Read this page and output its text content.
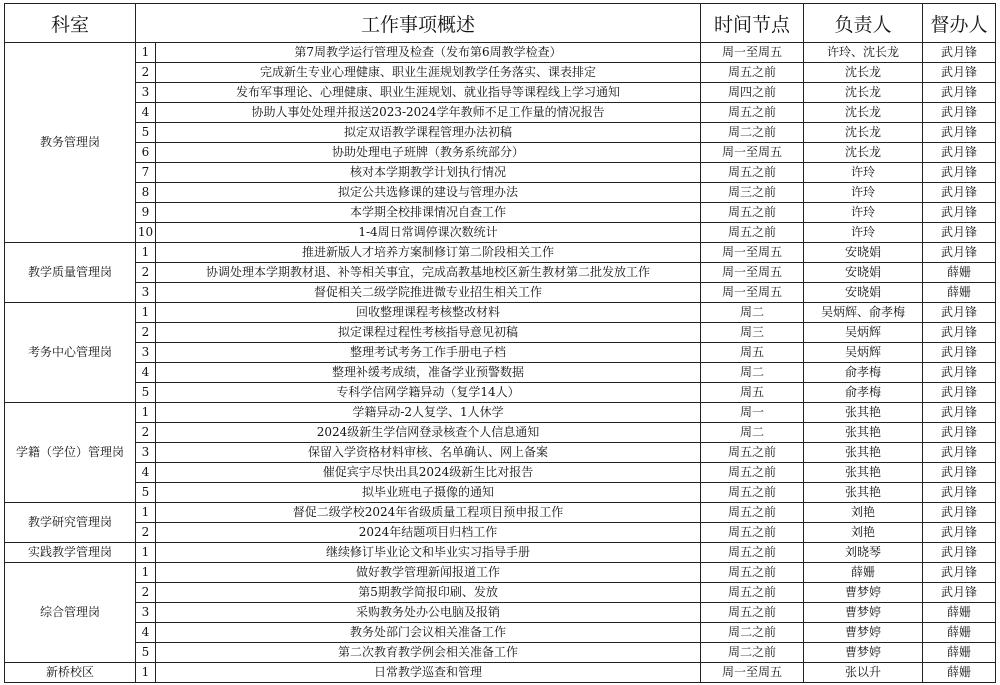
科室	工作事项概述		时间节点	负责人	督办人
教务管理岗	1	第7周教学运行管理及检查（发布第6周教学检查）	周一至周五	许玲、沈长龙	武月锋
	2	完成新生专业心理健康、职业生涯规划教学任务落实、课表排定	周五之前	沈长龙	武月锋
	3	发布军事理论、心理健康、职业生涯规划、就业指导等课程线上学习通知	周四之前	沈长龙	武月锋
	4	协助人事处处理并报送2023-2024学年教师不足工作量的情况报告	周五之前	沈长龙	武月锋
	5	拟定双语教学课程管理办法初稿	周二之前	沈长龙	武月锋
	6	协助处理电子班牌（教务系统部分）	周一至周五	沈长龙	武月锋
	7	核对本学期教学计划执行情况	周五之前	许玲	武月锋
	8	拟定公共选修课的建设与管理办法	周三之前	许玲	武月锋
	9	本学期全校排课情况自查工作	周五之前	许玲	武月锋
	10	1-4周日常调停课次数统计	周五之前	许玲	武月锋
教学质量管理岗	1	推进新版人才培养方案制修订第二阶段相关工作	周一至周五	安晓娟	武月锋
	2	协调处理本学期教材退、补等相关事宜，完成高教基地校区新生教材第二批发放工作	周一至周五	安晓娟	薛姗
	3	督促相关二级学院推进微专业招生相关工作	周一至周五	安晓娟	薛姗
考务中心管理岗	1	回收整理课程考核整改材料	周二	吴炳辉、俞孝梅	武月锋
	2	拟定课程过程性考核指导意见初稿	周三	吴炳辉	武月锋
	3	整理考试考务工作手册电子档	周五	吴炳辉	武月锋
	4	整理补缓考成绩，准备学业预警数据	周二	俞孝梅	武月锋
	5	专科学信网学籍异动（复学14人）	周五	俞孝梅	武月锋
学籍（学位）管理岗	1	学籍异动-2人复学、1人休学	周一	张其艳	武月锋
	2	2024级新生学信网登录核查个人信息通知	周二	张其艳	武月锋
	3	保留入学资格材料审核、名单确认、网上备案	周五之前	张其艳	武月锋
	4	催促宾宇尽快出具2024级新生比对报告	周五之前	张其艳	武月锋
	5	拟毕业班电子摄像的通知	周五之前	张其艳	武月锋
教学研究管理岗	1	督促二级学校2024年省级质量工程项目预申报工作	周五之前	刘艳	武月锋
	2	2024年结题项目归档工作	周五之前	刘艳	武月锋
实践教学管理岗	1	继续修订毕业论文和毕业实习指导手册	周五之前	刘晓琴	武月锋
综合管理岗	1	做好教学管理新闻报道工作	周五之前	薛姗	武月锋
	2	第5期教学简报印刷、发放	周五之前	曹梦婷	武月锋
	3	采购教务处办公电脑及报销	周五之前	曹梦婷	薛姗
	4	教务处部门会议相关准备工作	周二之前	曹梦婷	薛姗
	5	第二次教育教学例会相关准备工作	周二之前	曹梦婷	薛姗
新桥校区	1	日常教学巡查和管理	周一至周五	张以升	薛姗
